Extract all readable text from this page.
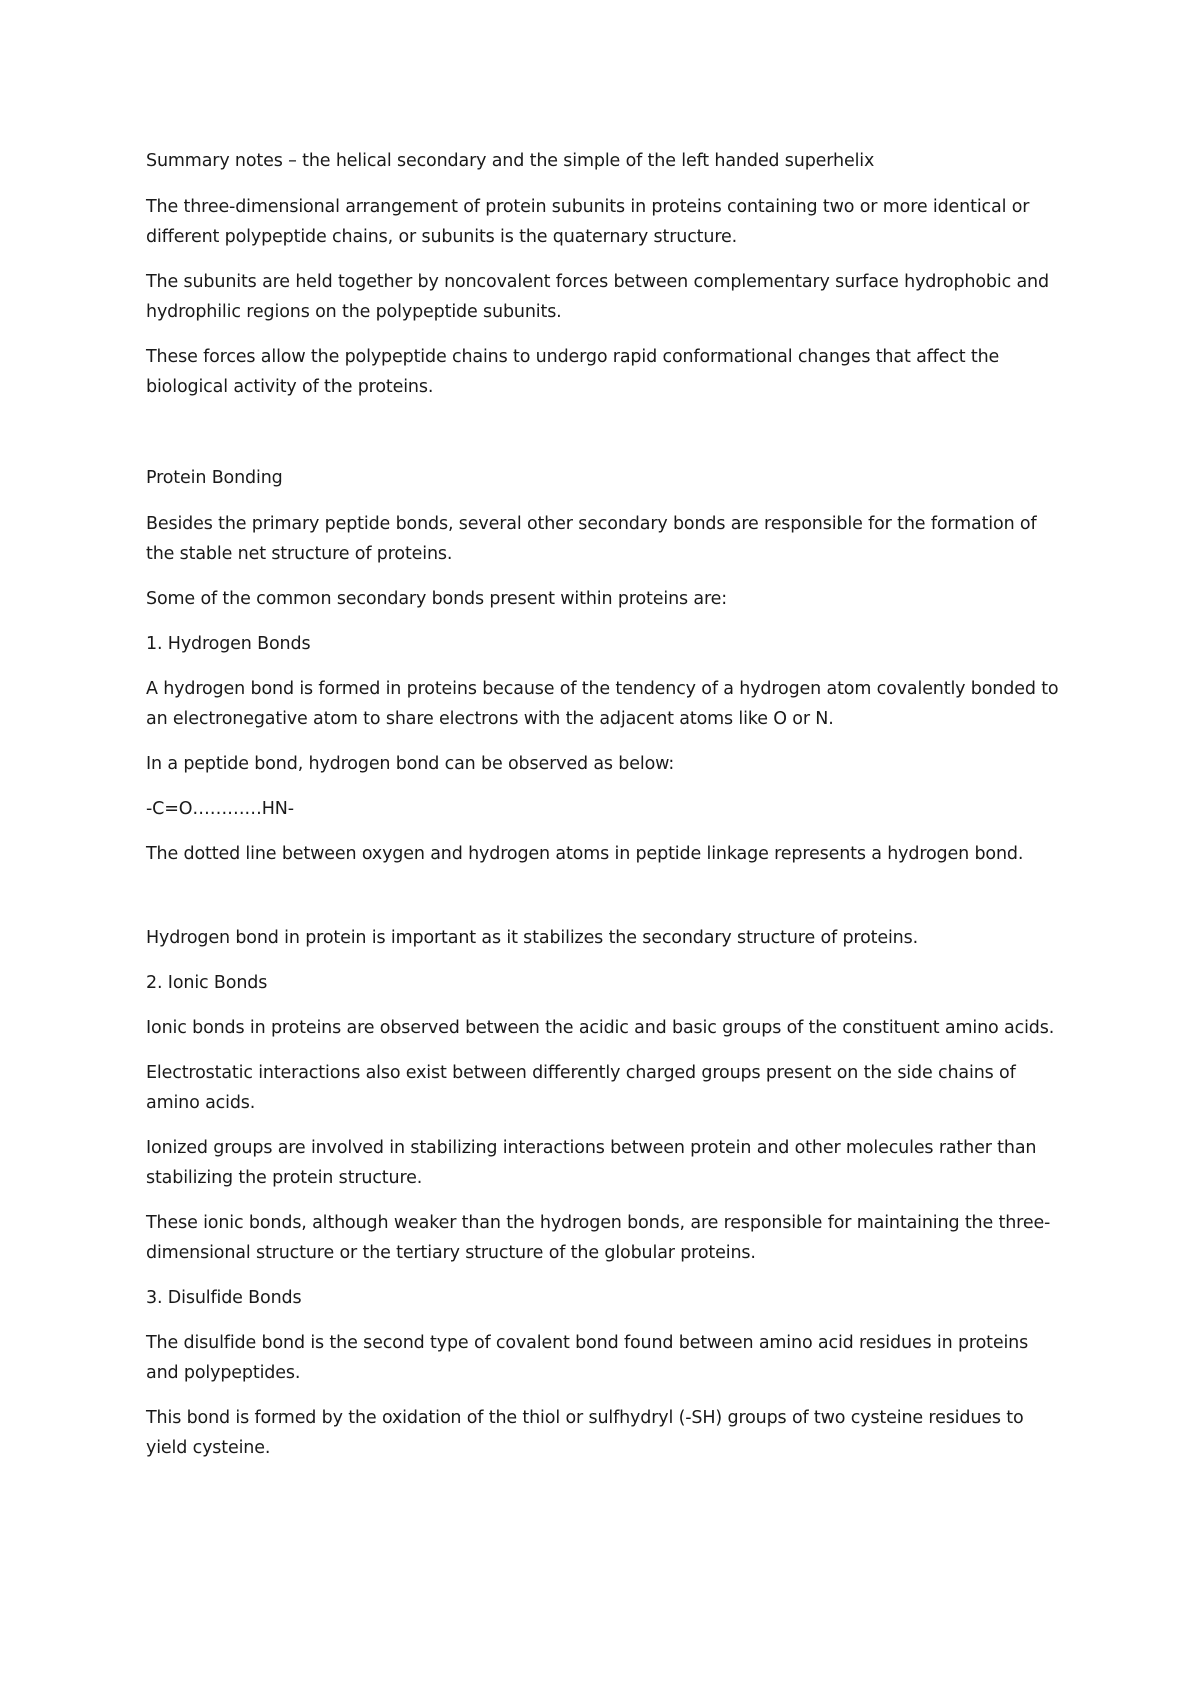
Summary notes – the helical secondary and the simple of the left handed superhelix

The three-dimensional arrangement of protein subunits in proteins containing two or more identical or different polypeptide chains, or subunits is the quaternary structure.

The subunits are held together by noncovalent forces between complementary surface hydrophobic and hydrophilic regions on the polypeptide subunits.

These forces allow the polypeptide chains to undergo rapid conformational changes that affect the biological activity of the proteins.

Protein Bonding

Besides the primary peptide bonds, several other secondary bonds are responsible for the formation of the stable net structure of proteins.

Some of the common secondary bonds present within proteins are:

1. Hydrogen Bonds

A hydrogen bond is formed in proteins because of the tendency of a hydrogen atom covalently bonded to an electronegative atom to share electrons with the adjacent atoms like O or N.

In a peptide bond, hydrogen bond can be observed as below:

-C=O…………HN-

The dotted line between oxygen and hydrogen atoms in peptide linkage represents a hydrogen bond.

Hydrogen bond in protein is important as it stabilizes the secondary structure of proteins.

2. Ionic Bonds

Ionic bonds in proteins are observed between the acidic and basic groups of the constituent amino acids.

Electrostatic interactions also exist between differently charged groups present on the side chains of amino acids.

Ionized groups are involved in stabilizing interactions between protein and other molecules rather than stabilizing the protein structure.

These ionic bonds, although weaker than the hydrogen bonds, are responsible for maintaining the three-dimensional structure or the tertiary structure of the globular proteins.

3. Disulfide Bonds

The disulfide bond is the second type of covalent bond found between amino acid residues in proteins and polypeptides.

This bond is formed by the oxidation of the thiol or sulfhydryl (-SH) groups of two cysteine residues to yield cysteine.
